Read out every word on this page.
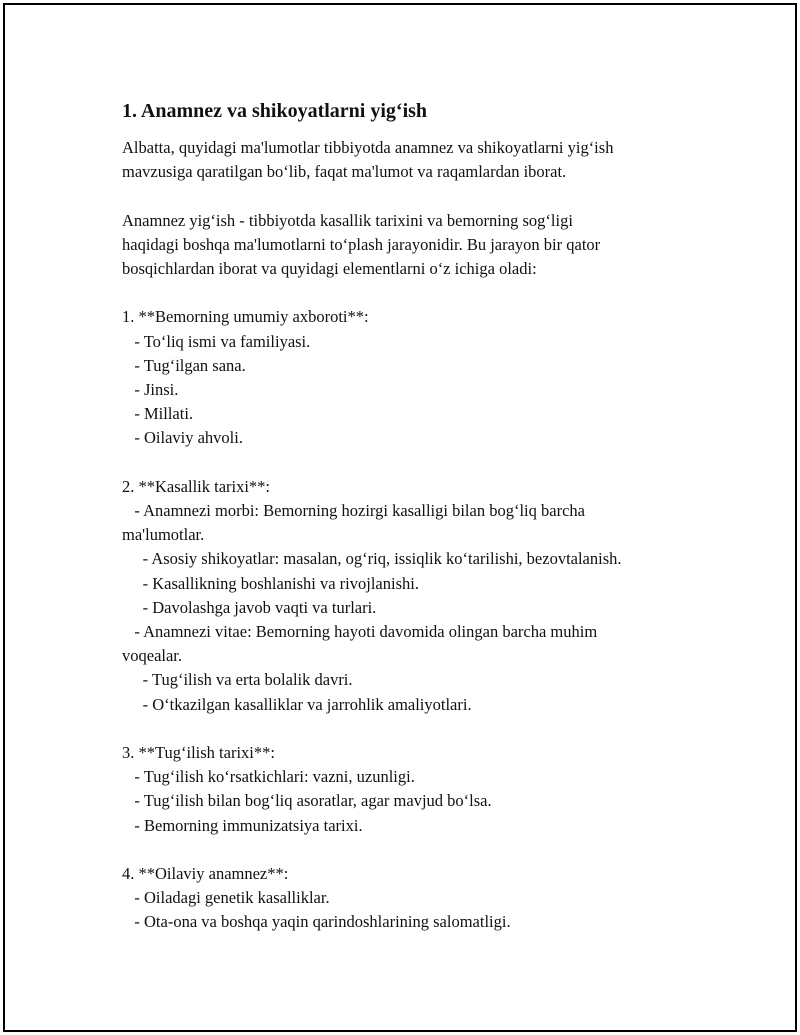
1. Anamnez va shikoyatlarni yig‘ish
Albatta, quyidagi ma'lumotlar tibbiyotda anamnez va shikoyatlarni yig‘ish
mavzusiga qaratilgan bo‘lib, faqat ma'lumot va raqamlardan iborat.
Anamnez yig‘ish - tibbiyotda kasallik tarixini va bemorning sog‘ligi
haqidagi boshqa ma'lumotlarni to‘plash jarayonidir. Bu jarayon bir qator
bosqichlardan iborat va quyidagi elementlarni o‘z ichiga oladi:
1. **Bemorning umumiy axboroti**:
- To‘liq ismi va familiyasi.
- Tug‘ilgan sana.
- Jinsi.
- Millati.
- Oilaviy ahvoli.
2. **Kasallik tarixi**:
- Anamnezi morbi: Bemorning hozirgi kasalligi bilan bog‘liq barcha
ma'lumotlar.
- Asosiy shikoyatlar: masalan, og‘riq, issiqlik ko‘tarilishi, bezovtalanish.
- Kasallikning boshlanishi va rivojlanishi.
- Davolashga javob vaqti va turlari.
- Anamnezi vitae: Bemorning hayoti davomida olingan barcha muhim
voqealar.
- Tug‘ilish va erta bolalik davri.
- O‘tkazilgan kasalliklar va jarrohlik amaliyotlari.
3. **Tug‘ilish tarixi**:
- Tug‘ilish ko‘rsatkichlari: vazni, uzunligi.
- Tug‘ilish bilan bog‘liq asoratlar, agar mavjud bo‘lsa.
- Bemorning immunizatsiya tarixi.
4. **Oilaviy anamnez**:
- Oiladagi genetik kasalliklar.
- Ota-ona va boshqa yaqin qarindoshlarining salomatligi.
